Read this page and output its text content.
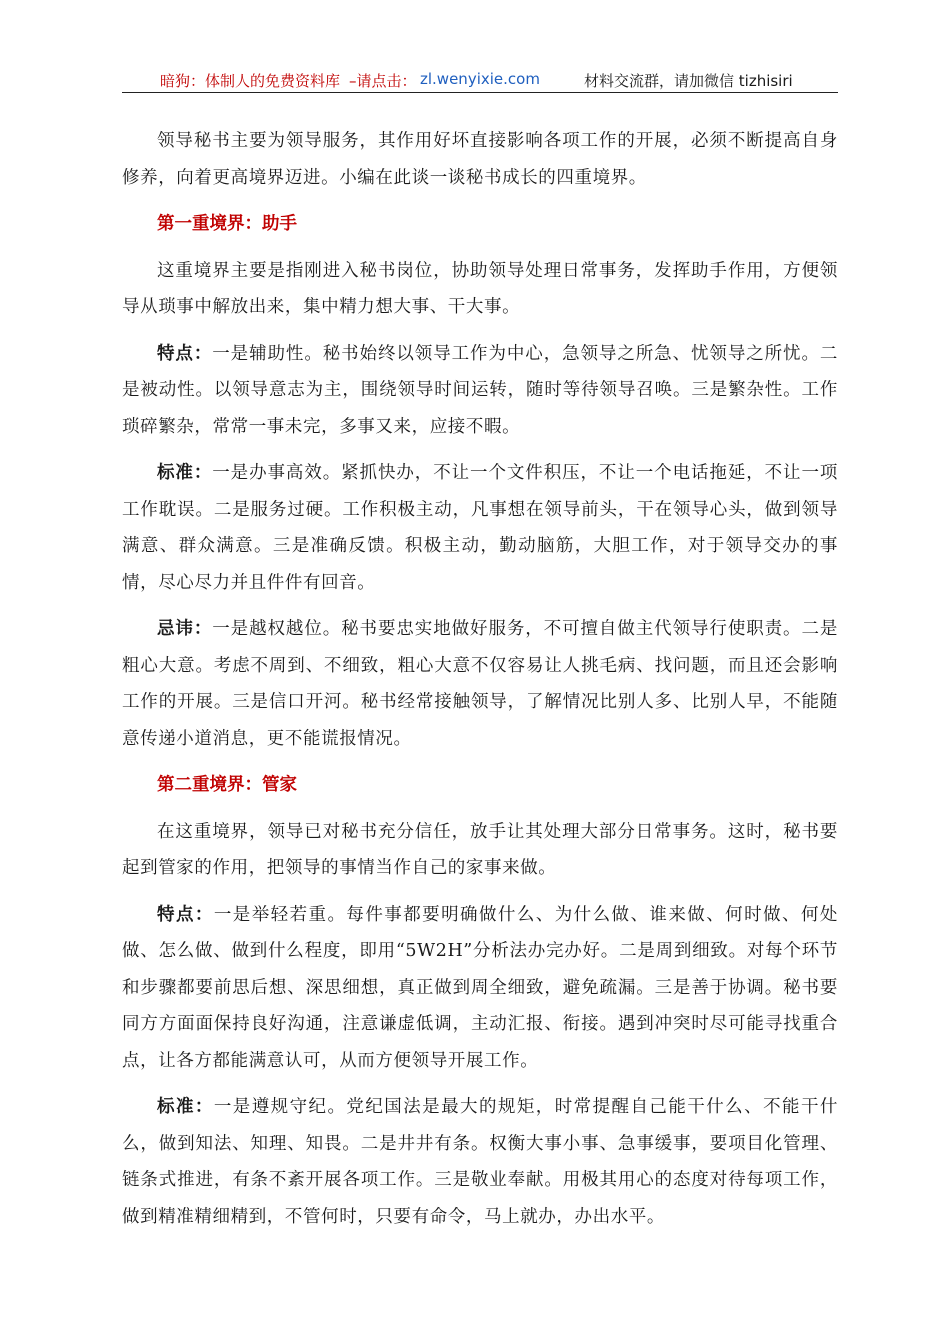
暗狗：体制人的免费资料库 –请点击： zl.wenyixie.com	材料交流群，请加微信 tizhisiri

领导秘书主要为领导服务，其作用好坏直接影响各项工作的开展，必须不断提高自身修养，向着更高境界迈进。小编在此谈一谈秘书成长的四重境界。

第一重境界：助手

这重境界主要是指刚进入秘书岗位，协助领导处理日常事务，发挥助手作用，方便领导从琐事中解放出来，集中精力想大事、干大事。

特点：一是辅助性。秘书始终以领导工作为中心，急领导之所急、忧领导之所忧。二是被动性。以领导意志为主，围绕领导时间运转，随时等待领导召唤。三是繁杂性。工作琐碎繁杂，常常一事未完，多事又来，应接不暇。

标准：一是办事高效。紧抓快办，不让一个文件积压，不让一个电话拖延，不让一项工作耽误。二是服务过硬。工作积极主动，凡事想在领导前头，干在领导心头，做到领导满意、群众满意。三是准确反馈。积极主动，勤动脑筋，大胆工作，对于领导交办的事情，尽心尽力并且件件有回音。

忌讳：一是越权越位。秘书要忠实地做好服务，不可擅自做主代领导行使职责。二是粗心大意。考虑不周到、不细致，粗心大意不仅容易让人挑毛病、找问题，而且还会影响工作的开展。三是信口开河。秘书经常接触领导，了解情况比别人多、比别人早，不能随意传递小道消息，更不能谎报情况。

第二重境界：管家

在这重境界，领导已对秘书充分信任，放手让其处理大部分日常事务。这时，秘书要起到管家的作用，把领导的事情当作自己的家事来做。

特点：一是举轻若重。每件事都要明确做什么、为什么做、谁来做、何时做、何处做、怎么做、做到什么程度，即用“5W2H”分析法办完办好。二是周到细致。对每个环节和步骤都要前思后想、深思细想，真正做到周全细致，避免疏漏。三是善于协调。秘书要同方方面面保持良好沟通，注意谦虚低调，主动汇报、衔接。遇到冲突时尽可能寻找重合点，让各方都能满意认可，从而方便领导开展工作。

标准：一是遵规守纪。党纪国法是最大的规矩，时常提醒自己能干什么、不能干什么，做到知法、知理、知畏。二是井井有条。权衡大事小事、急事缓事，要项目化管理、链条式推进，有条不紊开展各项工作。三是敬业奉献。用极其用心的态度对待每项工作，做到精准精细精到，不管何时，只要有命令，马上就办，办出水平。
